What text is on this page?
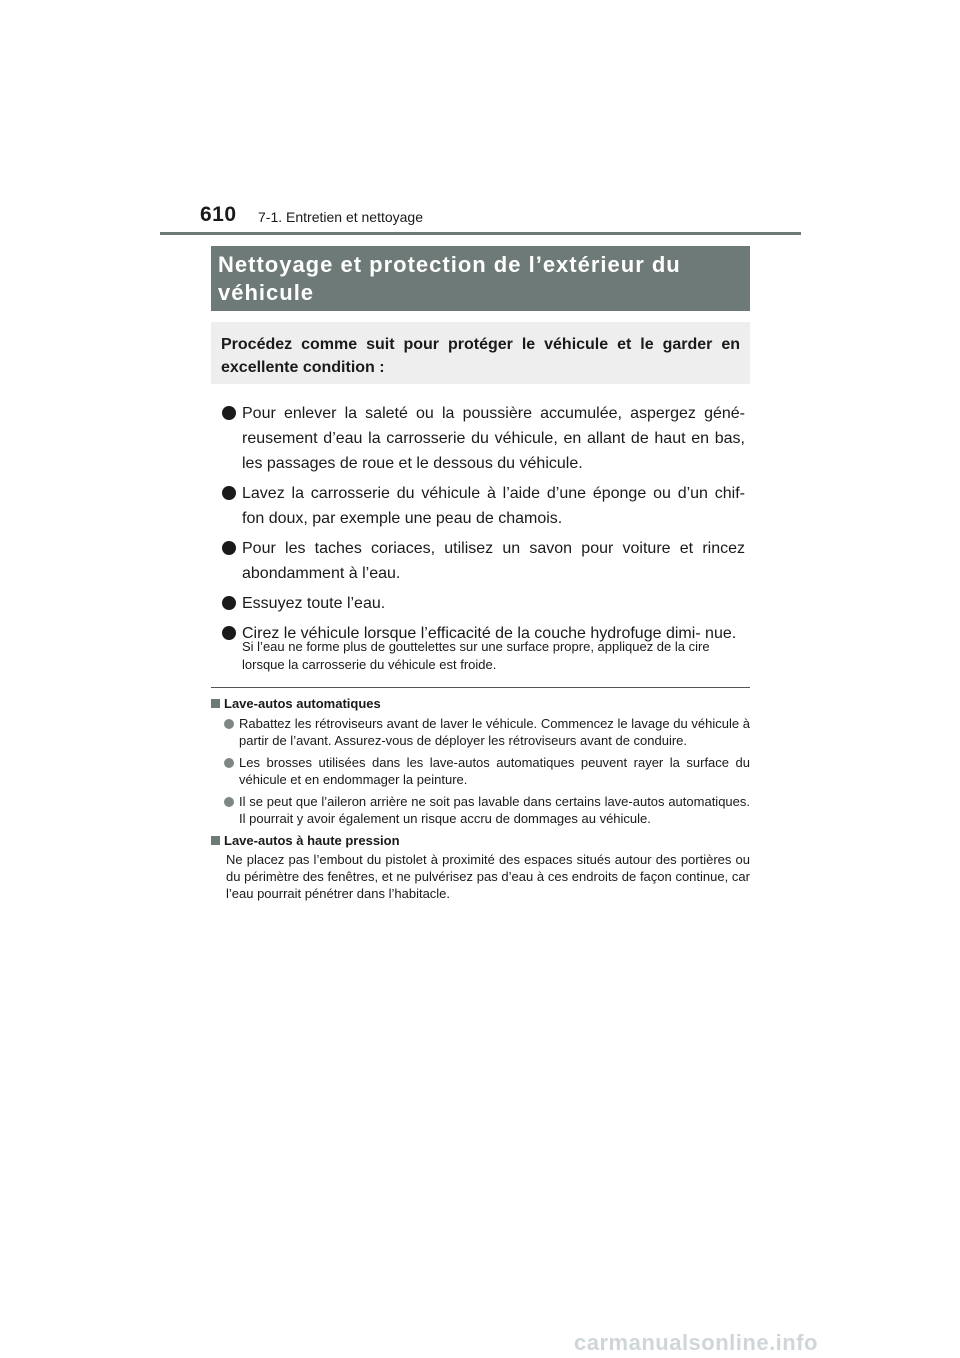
610 7-1. Entretien et nettoyage
Nettoyage et protection de l’extérieur du
véhicule
Procédez comme suit pour protéger le véhicule et le garder en excellente condition :
Pour enlever la saleté ou la poussière accumulée, aspergez géné- reusement d’eau la carrosserie du véhicule, en allant de haut en bas, les passages de roue et le dessous du véhicule.
Lavez la carrosserie du véhicule à l’aide d’une éponge ou d’un chif- fon doux, par exemple une peau de chamois.
Pour les taches coriaces, utilisez un savon pour voiture et rincez abondamment à l’eau.
Essuyez toute l’eau.
Cirez le véhicule lorsque l’efficacité de la couche hydrofuge dimi- nue.
Si l’eau ne forme plus de gouttelettes sur une surface propre, appliquez de la cire lorsque la carrosserie du véhicule est froide.
Lave-autos automatiques
Rabattez les rétroviseurs avant de laver le véhicule. Commencez le lavage du véhicule à partir de l’avant. Assurez-vous de déployer les rétroviseurs avant de conduire.
Les brosses utilisées dans les lave-autos automatiques peuvent rayer la surface du véhicule et en endommager la peinture.
Il se peut que l’aileron arrière ne soit pas lavable dans certains lave-autos automatiques. Il pourrait y avoir également un risque accru de dommages au véhicule.
Lave-autos à haute pression
Ne placez pas l’embout du pistolet à proximité des espaces situés autour des portières ou du périmètre des fenêtres, et ne pulvérisez pas d’eau à ces endroits de façon continue, car l’eau pourrait pénétrer dans l’habitacle.
carmanualsonline.info
